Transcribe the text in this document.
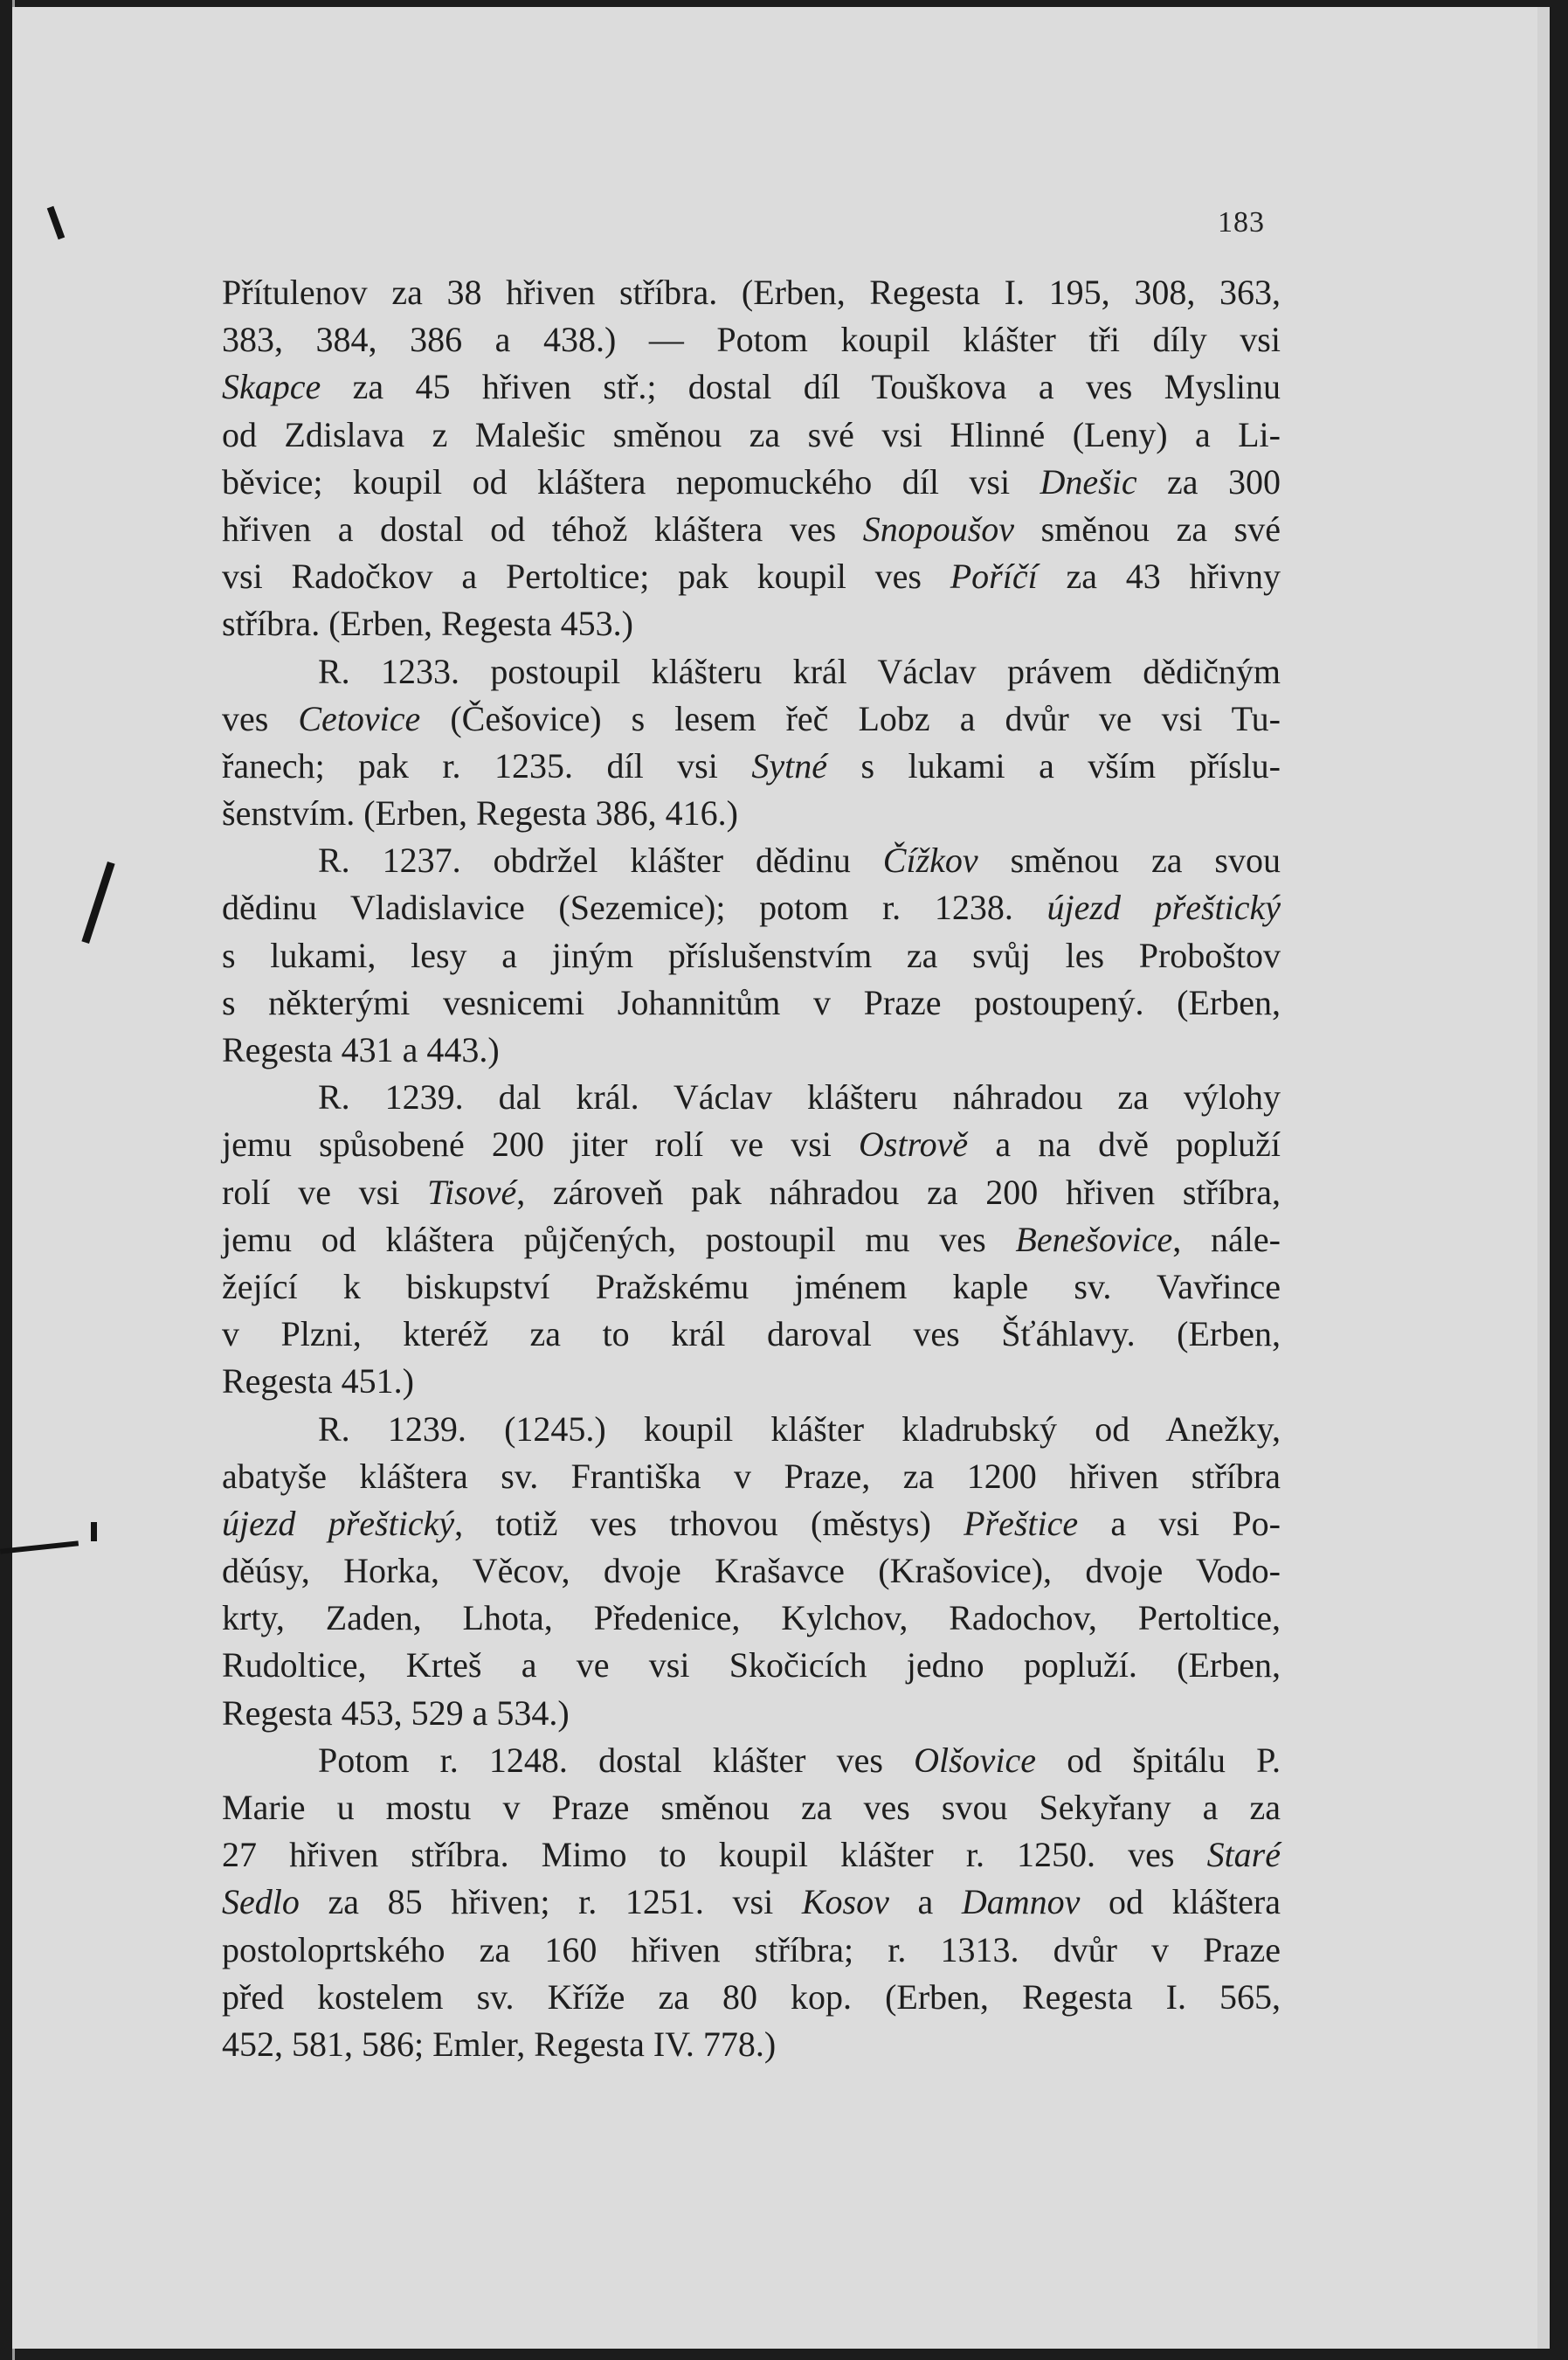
183
Přítulenov za 38 hřiven stříbra. (Erben, Regesta I. 195, 308, 363,
383, 384, 386 a 438.) — Potom koupil klášter tři díly vsi
Skapce za 45 hřiven stř.; dostal díl Touškova a ves Myslinu
od Zdislava z Malešic směnou za své vsi Hlinné (Leny) a Li-
běvice; koupil od kláštera nepomuckého díl vsi Dnešic za 300
hřiven a dostal od téhož kláštera ves Snopoušov směnou za své
vsi Radočkov a Pertoltice; pak koupil ves Poříčí za 43 hřivny
stříbra. (Erben, Regesta 453.)
R. 1233. postoupil klášteru král Václav právem dědičným
ves Cetovice (Češovice) s lesem řeč Lobz a dvůr ve vsi Tu-
řanech; pak r. 1235. díl vsi Sytné s lukami a vším příslu-
šenstvím. (Erben, Regesta 386, 416.)
R. 1237. obdržel klášter dědinu Čížkov směnou za svou
dědinu Vladislavice (Sezemice); potom r. 1238. újezd přeštický
s lukami, lesy a jiným příslušenstvím za svůj les Proboštov
s některými vesnicemi Johannitům v Praze postoupený. (Erben,
Regesta 431 a 443.)
R. 1239. dal král. Václav klášteru náhradou za výlohy
jemu spůsobené 200 jiter rolí ve vsi Ostrově a na dvě popluží
rolí ve vsi Tisové, zároveň pak náhradou za 200 hřiven stříbra,
jemu od kláštera půjčených, postoupil mu ves Benešovice, nále-
žející k biskupství Pražskému jménem kaple sv. Vavřince
v Plzni, kteréž za to král daroval ves Šťáhlavy. (Erben,
Regesta 451.)
R. 1239. (1245.) koupil klášter kladrubský od Anežky,
abatyše kláštera sv. Františka v Praze, za 1200 hřiven stříbra
újezd přeštický, totiž ves trhovou (městys) Přeštice a vsi Po-
děúsy, Horka, Věcov, dvoje Krašavce (Krašovice), dvoje Vodo-
krty, Zaden, Lhota, Předenice, Kylchov, Radochov, Pertoltice,
Rudoltice, Krteš a ve vsi Skočicích jedno popluží. (Erben,
Regesta 453, 529 a 534.)
Potom r. 1248. dostal klášter ves Olšovice od špitálu P.
Marie u mostu v Praze směnou za ves svou Sekyřany a za
27 hřiven stříbra. Mimo to koupil klášter r. 1250. ves Staré
Sedlo za 85 hřiven; r. 1251. vsi Kosov a Damnov od kláštera
postoloprtského za 160 hřiven stříbra; r. 1313. dvůr v Praze
před kostelem sv. Kříže za 80 kop. (Erben, Regesta I. 565,
452, 581, 586; Emler, Regesta IV. 778.)
